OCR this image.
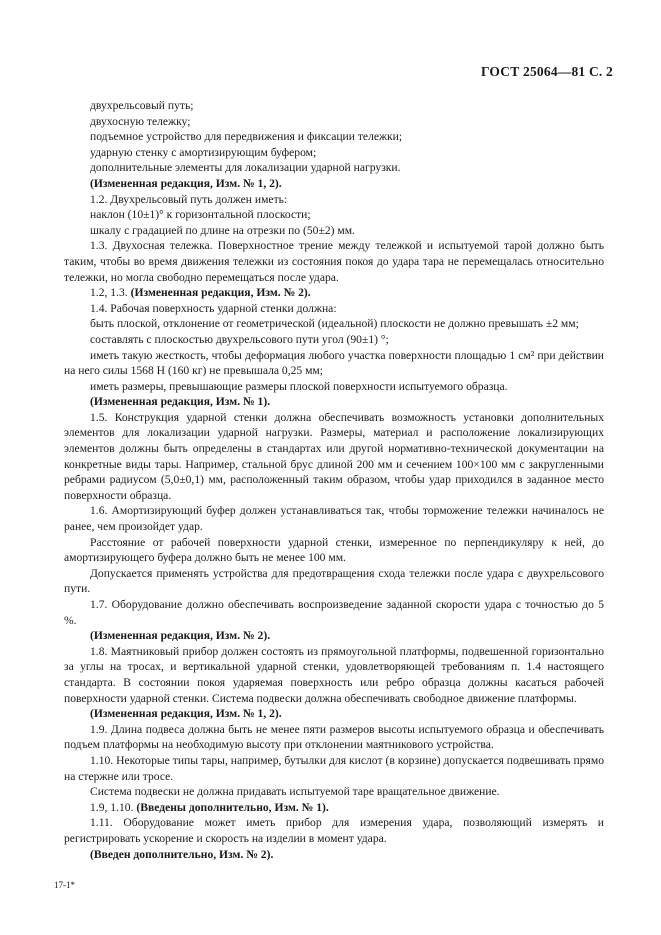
ГОСТ 25064—81 С. 2

двухрельсовый путь;

двухосную тележку;

подъемное устройство для передвижения и фиксации тележки;

ударную стенку с амортизирующим буфером;

дополнительные элементы для локализации ударной нагрузки.

(Измененная редакция, Изм. № 1, 2).

1.2. Двухрельсовый путь должен иметь:

наклон (10±1)° к горизонтальной плоскости;

шкалу с градацией по длине на отрезки по (50±2) мм.

1.3. Двухосная тележка. Поверхностное трение между тележкой и испытуемой тарой должно быть таким, чтобы во время движения тележки из состояния покоя до удара тара не перемещалась относительно тележки, но могла свободно перемещаться после удара.

1.2, 1.3. (Измененная редакция, Изм. № 2).

1.4. Рабочая поверхность ударной стенки должна:

быть плоской, отклонение от геометрической (идеальной) плоскости не должно превышать ±2 мм;

составлять с плоскостью двухрельсового пути угол (90±1) °;

иметь такую жесткость, чтобы деформация любого участка поверхности площадью 1 см² при действии на него силы 1568 Н (160 кг) не превышала 0,25 мм;

иметь размеры, превышающие размеры плоской поверхности испытуемого образца.

(Измененная редакция, Изм. № 1).

1.5. Конструкция ударной стенки должна обеспечивать возможность установки дополнительных элементов для локализации ударной нагрузки. Размеры, материал и расположение локализирующих элементов должны быть определены в стандартах или другой нормативно-технической документации на конкретные виды тары. Например, стальной брус длиной 200 мм и сечением 100×100 мм с закругленными ребрами радиусом (5,0±0,1) мм, расположенный таким образом, чтобы удар приходился в заданное место поверхности образца.

1.6. Амортизирующий буфер должен устанавливаться так, чтобы торможение тележки начиналось не ранее, чем произойдет удар.

Расстояние от рабочей поверхности ударной стенки, измеренное по перпендикуляру к ней, до амортизирующего буфера должно быть не менее 100 мм.

Допускается применять устройства для предотвращения схода тележки после удара с двухрельсового пути.

1.7. Оборудование должно обеспечивать воспроизведение заданной скорости удара с точностью до 5 %.

(Измененная редакция, Изм. № 2).

1.8. Маятниковый прибор должен состоять из прямоугольной платформы, подвешенной горизонтально за углы на тросах, и вертикальной ударной стенки, удовлетворяющей требованиям п. 1.4 настоящего стандарта. В состоянии покоя ударяемая поверхность или ребро образца должны касаться рабочей поверхности ударной стенки. Система подвески должна обеспечивать свободное движение платформы.

(Измененная редакция, Изм. № 1, 2).

1.9. Длина подвеса должна быть не менее пяти размеров высоты испытуемого образца и обеспечивать подъем платформы на необходимую высоту при отклонении маятникового устройства.

1.10. Некоторые типы тары, например, бутылки для кислот (в корзине) допускается подвешивать прямо на стержне или тросе.

Система подвески не должна придавать испытуемой таре вращательное движение.

1.9, 1.10. (Введены дополнительно, Изм. № 1).

1.11. Оборудование может иметь прибор для измерения удара, позволяющий измерять и регистрировать ускорение и скорость на изделии в момент удара.

(Введен дополнительно, Изм. № 2).

17-1*
